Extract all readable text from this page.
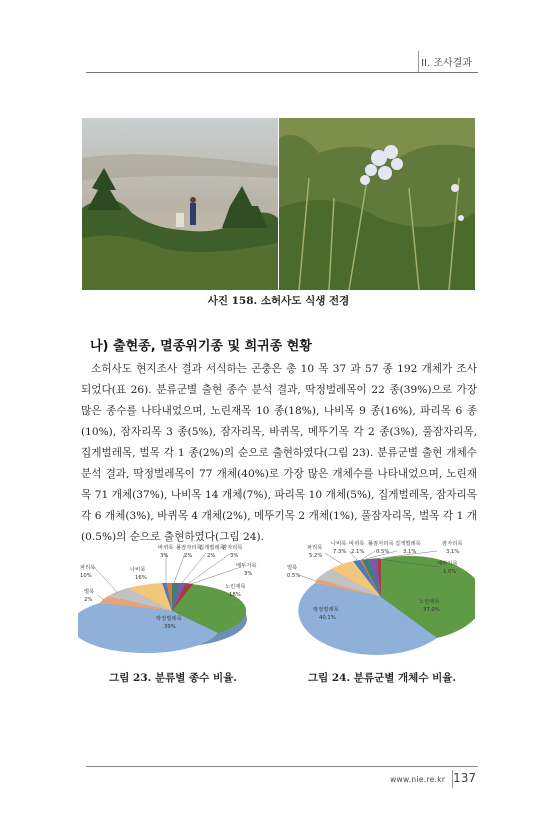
II. 조사결과
사진 158. 소허사도 식생 전경
나) 출현종, 멸종위기종 및 희귀종 현황

소허사도 현지조사 결과 서식하는 곤충은 총 10 목 37 과 57 종 192 개체가 조사 되었다(표 26). 분류군별 출현 종수 분석 결과, 딱정벌레목이 22 종(39%)으로 가장 많은 종수를 나타내었으며, 노린재목 10 종(18%), 나비목 9 종(16%), 파리목 6 종(10%), 잠자리목 3 종(5%), 잠자리목, 바퀴목, 메뚜기목 각 2 종(3%), 풀잠자리목, 집게벌레목, 벌목 각 1 종(2%)의 순으로 출현하였다(그림 23). 분류군별 출현 개체수 분석 결과, 딱정벌레목이 77 개체(40%)로 가장 많은 개체수를 나타내었으며, 노린재목 71 개체(37%), 나비목 14 개체(7%), 파리목 10 개체(5%), 집게벌레목, 잠자리목 각 6 개체(3%), 바퀴목 4 개체(2%), 메뚜기목 2 개체(1%), 풀잠자리목, 벌목 각 1 개(0.5%)의 순으로 출현하였다(그림 24).

바퀴목
3%
풀잠자리목
2%
집게벌레목
2%
잠자리목
3%
메뚜기목
3%
파리목
10%
벌목
2%
나비목
16%
노린재목
18%
딱정벌레목
39%
그림 23. 분류별 종수 비율.
파리목
5.2%
나비목
7.3%
바퀴목
2.1%
풀잠자리목
0.5%
집게벌레목
3.1%
잠자리목
3.1%
메뚜기목
1.0%
벌목
0.5%
노린재목
37.0%
딱정벌레목
40.1%
그림 24. 분류군별 개체수 비율.
www.nie.re.kr 137
